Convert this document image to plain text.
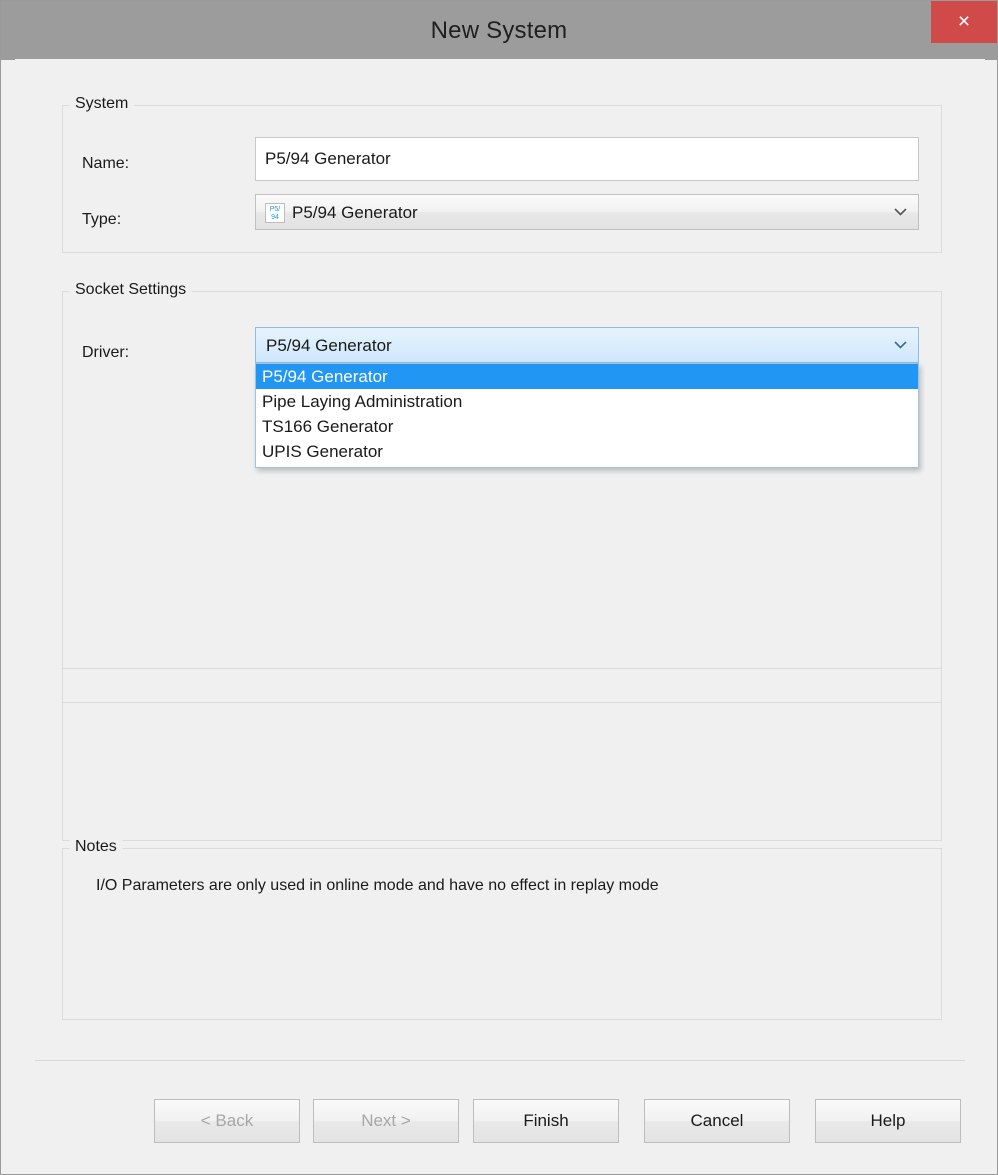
New System	×
System
Name:
P5/94 Generator
Type:
P5/
94 P5/94 Generator
Socket Settings
Driver:	P5/94 Generator
P5/94 Generator
Pipe Laying Administration
TS166 Generator
UPIS Generator
Notes
I/O Parameters are only used in online mode and have no effect in replay mode
< Back	Next >	Finish	Cancel	Help
